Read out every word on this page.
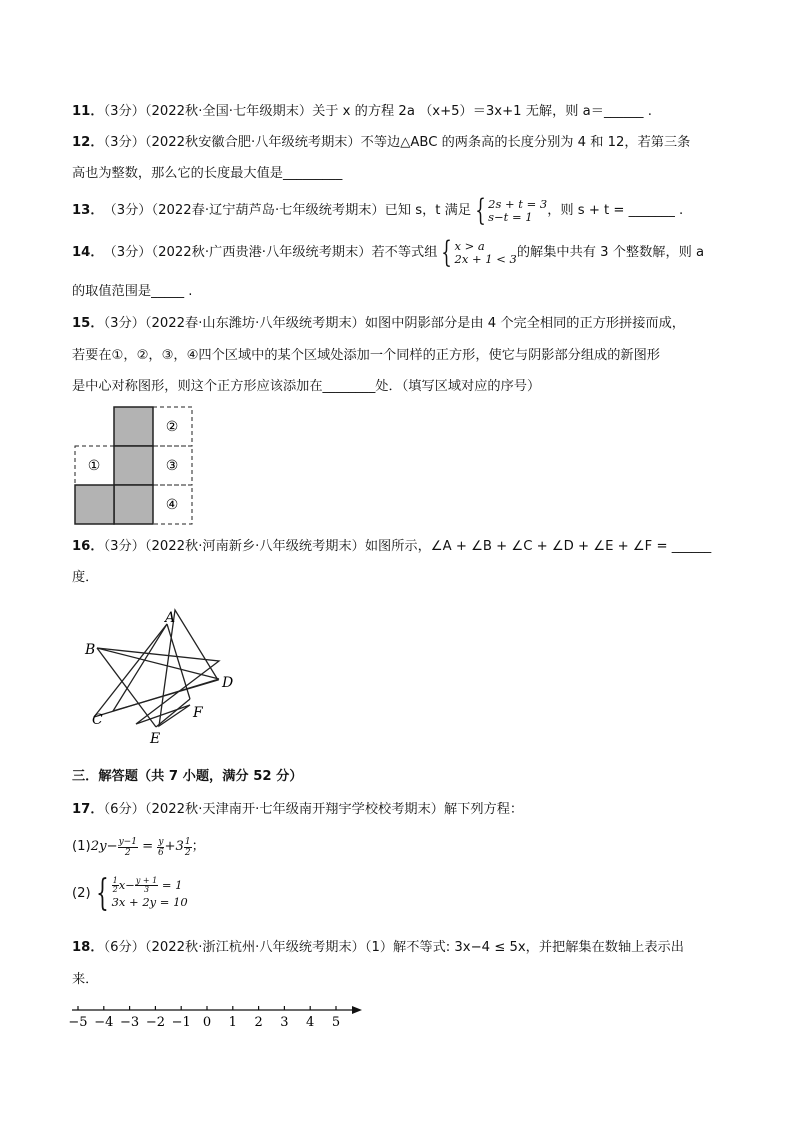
11．（3分）（2022秋·全国·七年级期末）关于 x 的方程 2a （x+5）＝3x+1 无解，则 a＝______ .
12．（3分）（2022秋安徽合肥·八年级统考期末）不等边△ABC 的两条高的长度分别为 4 和 12，若第三条
高也为整数，那么它的长度最大值是_________
13． （3分）（2022春·辽宁葫芦岛·七年级统考期末）已知 s，t 满足 { 2s + t = 3
s−t = 1	，则 s + t = _______ .
14． （3分）（2022秋·广西贵港·八年级统考期末）若不等式组 { x > a
2x + 1 < 3 的解集中共有 3 个整数解，则 a
的取值范围是_____ .
15．（3分）（2022春·山东潍坊·八年级统考期末）如图中阴影部分是由 4 个完全相同的正方形拼接而成，
若要在①，②，③，④四个区域中的某个区域处添加一个同样的正方形，使它与阴影部分组成的新图形
是中心对称图形，则这个正方形应该添加在________处．（填写区域对应的序号）
①
②
③
④
16．（3分）（2022秋·河南新乡·八年级统考期末）如图所示，∠A + ∠B + ∠C + ∠D + ∠E + ∠F = ______
度．
A
B
C
D
E
F
三．解答题（共 7 小题，满分 52 分）
17．（6分）（2022秋·天津南开·七年级南开翔宇学校校考期末）解下列方程：
(1) $2y- \frac{y-1}{2} = \frac{y}{6} +3 \frac{1}{2}$ ；
(2) { $\frac{1}{2} x- \frac{y + 1}{3} = 1$
3x + 2y = 10
18．（6分）（2022秋·浙江杭州·八年级统考期末）（1）解不等式: 3x−4 ≤ 5x，并把解集在数轴上表示出
来．
−5 −4 −3 −2 −1 0 1 2 3 4 5
